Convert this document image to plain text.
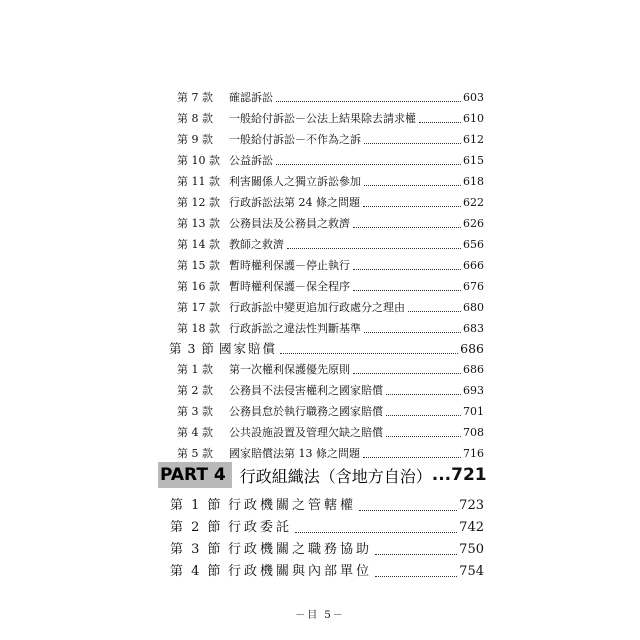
第 7 款	確認訴訟	603
第 8 款	一般給付訴訟－公法上結果除去請求權	610
第 9 款	一般給付訴訟－不作為之訴	612
第 10 款 公益訴訟	615
第 11 款 利害關係人之獨立訴訟參加	618
第 12 款 行政訴訟法第 24 條之問題	622
第 13 款 公務員法及公務員之救濟	626
第 14 款 教師之救濟	656
第 15 款 暫時權利保護－停止執行	666
第 16 款 暫時權利保護－保全程序	676
第 17 款 行政訴訟中變更追加行政處分之理由	680
第 18 款 行政訴訟之違法性判斷基準	683
第 3 節 國家賠償	686
第 1 款	第一次權利保護優先原則	686
第 2 款	公務員不法侵害權利之國家賠償	693
第 3 款	公務員怠於執行職務之國家賠償	701
第 4 款	公共設施設置及管理欠缺之賠償	708
第 5 款	國家賠償法第 13 條之問題	716
PART 4 行政組織法（含地方自治） ...721
第 1 節 行政機關之管轄權	723
第 2 節 行政委託	742
第 3 節 行政機關之職務協助	750
第 4 節 行政機關與內部單位	754
－目 5－
